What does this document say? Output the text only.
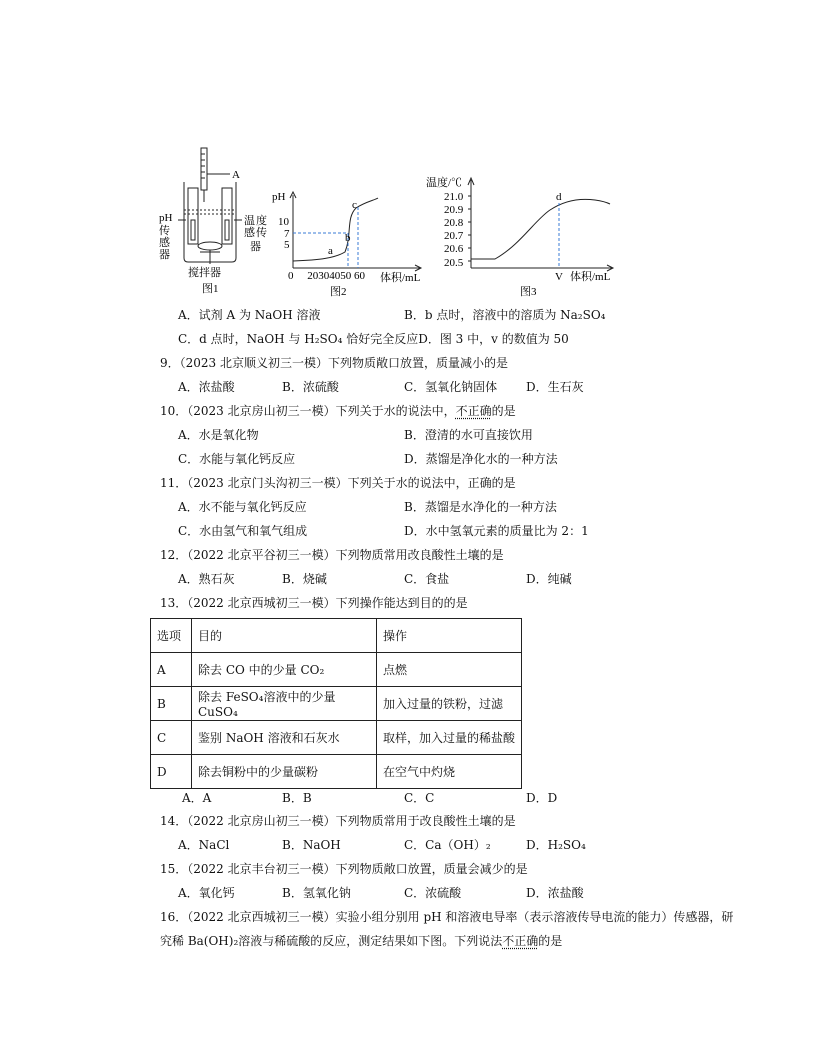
A
pH
传
感
器
温 度
传
感
器
搅拌器
图1
pH
10
7
5	a
b
c
0     20304050 60 体积/mL
图2
温度/℃
21.0
20.9
20.8
20.7
20.6
20.5
d
V 体积/mL
图3
A．试剂 A 为 NaOH 溶液	B．b 点时，溶液中的溶质为 Na₂SO₄
C．d 点时，NaOH 与 H₂SO₄ 恰好完全反应D．图 3 中，v 的数值为 50
9．（2023 北京顺义初三一模）下列物质敞口放置，质量减小的是
A．浓盐酸	B．浓硫酸	C．氢氧化钠固体 D．生石灰
10．（2023 北京房山初三一模）下列关于水的说法中，不正确的是
A．水是氧化物	B．澄清的水可直接饮用
C．水能与氧化钙反应	D．蒸馏是净化水的一种方法
11．（2023 北京门头沟初三一模）下列关于水的说法中，正确的是
A．水不能与氧化钙反应	B．蒸馏是水净化的一种方法
C．水由氢气和氧气组成	D．水中氢氧元素的质量比为 2：1
12．（2022 北京平谷初三一模）下列物质常用改良酸性土壤的是
A．熟石灰	B．烧碱	C．食盐	D．纯碱
13．（2022 北京西城初三一模）下列操作能达到目的的是
选项	目的	操作
A	除去 CO 中的少量 CO₂	点燃
B	除去 FeSO₄溶液中的少量 CuSO₄	加入过量的铁粉，过滤
C	鉴别 NaOH 溶液和石灰水	取样，加入过量的稀盐酸
D	除去铜粉中的少量碳粉	在空气中灼烧
A．A	B．B	C．C	D．D
14．（2022 北京房山初三一模）下列物质常用于改良酸性土壤的是
A．NaCl	B．NaOH	C．Ca（OH）₂	D．H₂SO₄
15．（2022 北京丰台初三一模）下列物质敞口放置，质量会减少的是
A．氧化钙	B．氢氧化钠	C．浓硫酸	D．浓盐酸
16．（2022 北京西城初三一模）实验小组分别用 pH 和溶液电导率（表示溶液传导电流的能力）传感器，研
究稀 Ba(OH)₂溶液与稀硫酸的反应，测定结果如下图。下列说法不正确的是
